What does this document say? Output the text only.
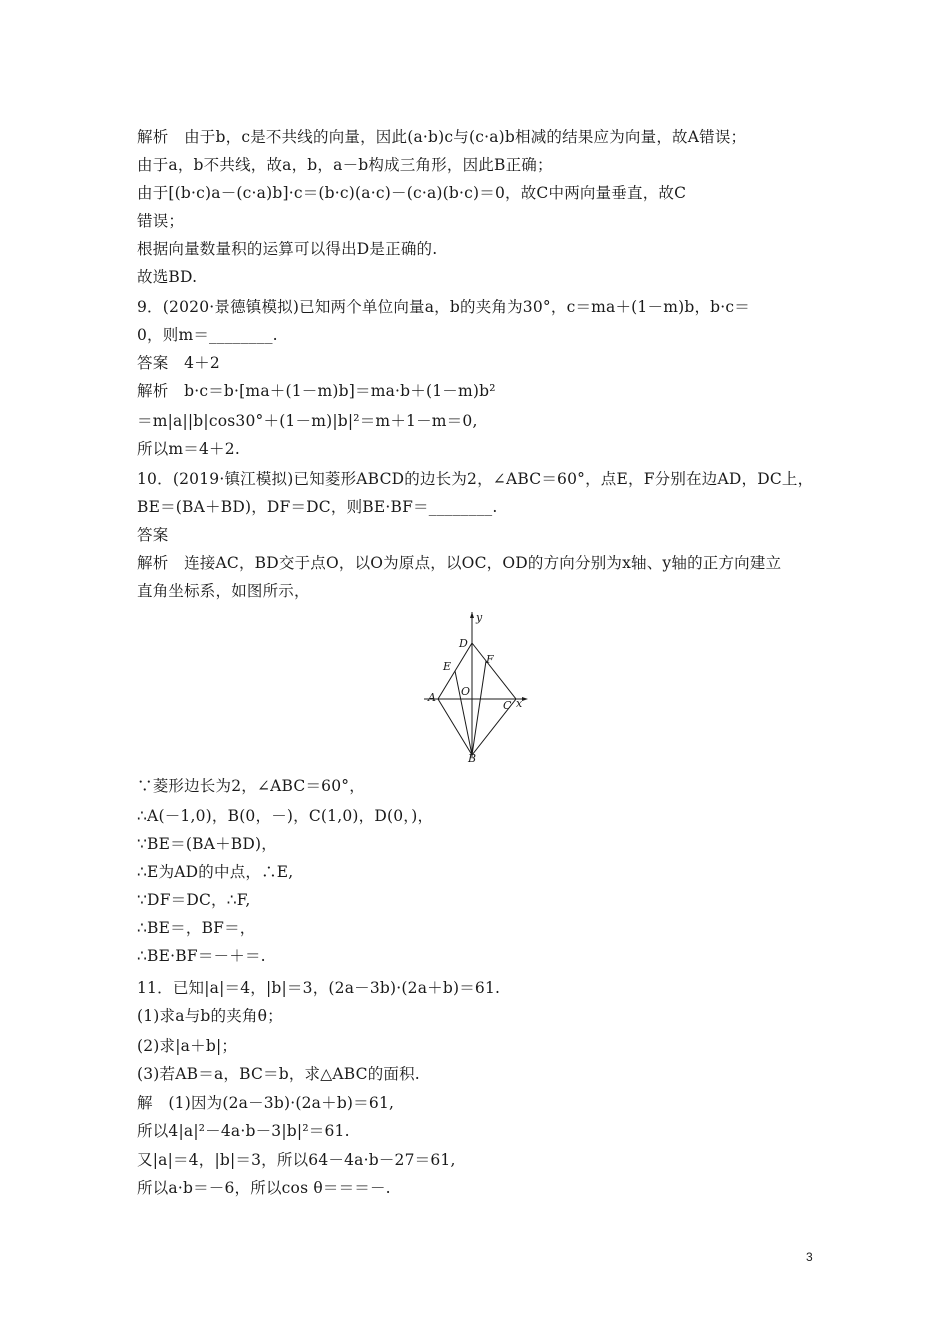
解析　由于b，c是不共线的向量，因此(a·b)c与(c·a)b相减的结果应为向量，故A错误；
由于a，b不共线，故a，b，a－b构成三角形，因此B正确；
由于[(b·c)a－(c·a)b]·c＝(b·c)(a·c)－(c·a)(b·c)＝0，故C中两向量垂直，故C
错误；
根据向量数量积的运算可以得出D是正确的.
故选BD.
9．(2020·景德镇模拟)已知两个单位向量a，b的夹角为30°，c＝ma＋(1－m)b，b·c＝
0，则m＝________.
答案　4＋2
解析　b·c＝b·[ma＋(1－m)b]＝ma·b＋(1－m)b²
＝m|a||b|cos30°＋(1－m)|b|²＝m＋1－m＝0,
所以m＝4＋2.
10．(2019·镇江模拟)已知菱形ABCD的边长为2，∠ABC＝60°，点E，F分别在边AD，DC上，
BE＝(BA＋BD)，DF＝DC，则BE·BF＝________.
答案
解析　连接AC，BD交于点O，以O为原点，以OC，OD的方向分别为x轴、y轴的正方向建立
直角坐标系，如图所示，
y
x
D
E
F
A O
C
B
∵菱形边长为2，∠ABC＝60°，
∴A(－1,0)，B(0，－)，C(1,0)，D(0，)，
∵BE＝(BA＋BD)，
∴E为AD的中点，∴E,
∵DF＝DC，∴F,
∴BE＝，BF＝，
∴BE·BF＝－＋＝.
11．已知|a|＝4，|b|＝3，(2a－3b)·(2a＋b)＝61.
(1)求a与b的夹角θ；
(2)求|a＋b|；
(3)若AB＝a，BC＝b，求△ABC的面积.
解　(1)因为(2a－3b)·(2a＋b)＝61,
所以4|a|²－4a·b－3|b|²＝61.
又|a|＝4，|b|＝3，所以64－4a·b－27＝61,
所以a·b＝－6，所以cos θ＝＝＝－.
3
